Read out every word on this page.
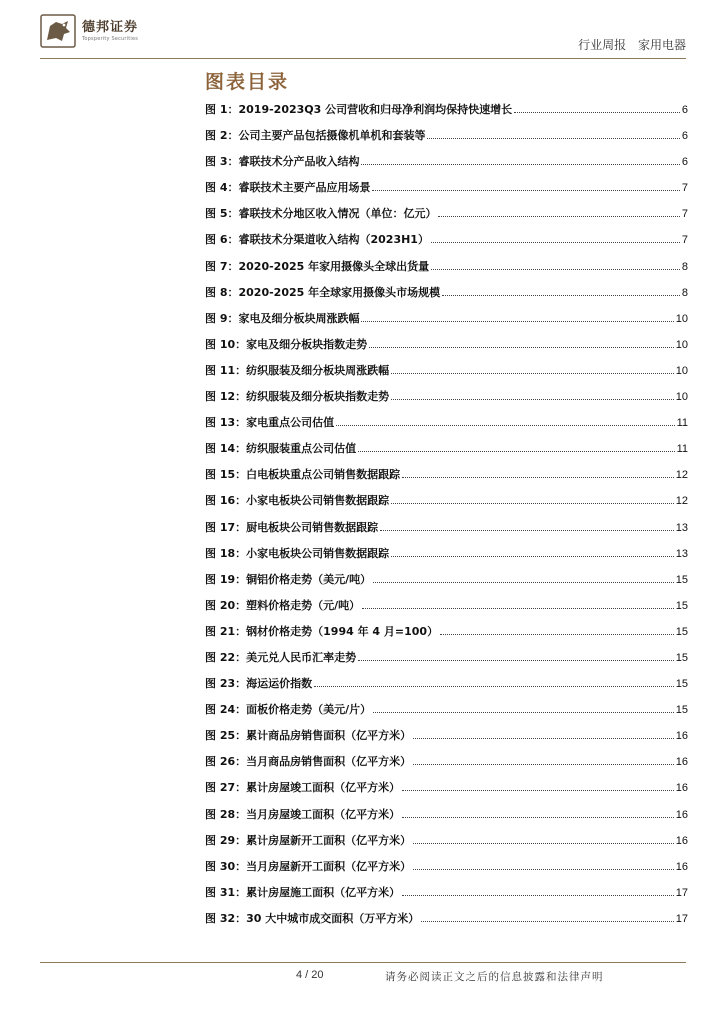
德邦证券
Topsperity Securities	行业周报 家用电器
图表目录
图 1：2019-2023Q3 公司营收和归母净利润均保持快速增长	6
图 2：公司主要产品包括摄像机单机和套装等	6
图 3：睿联技术分产品收入结构	6
图 4：睿联技术主要产品应用场景	7
图 5：睿联技术分地区收入情况（单位：亿元）	7
图 6：睿联技术分渠道收入结构（2023H1）	7
图 7：2020-2025 年家用摄像头全球出货量	8
图 8：2020-2025 年全球家用摄像头市场规模	8
图 9：家电及细分板块周涨跌幅	10
图 10：家电及细分板块指数走势	10
图 11：纺织服装及细分板块周涨跌幅	10
图 12：纺织服装及细分板块指数走势	10
图 13：家电重点公司估值	11
图 14：纺织服装重点公司估值	11
图 15：白电板块重点公司销售数据跟踪	12
图 16：小家电板块公司销售数据跟踪	12
图 17：厨电板块公司销售数据跟踪	13
图 18：小家电板块公司销售数据跟踪	13
图 19：铜铝价格走势（美元/吨）	15
图 20：塑料价格走势（元/吨）	15
图 21：钢材价格走势（1994 年 4 月=100）	15
图 22：美元兑人民币汇率走势	15
图 23：海运运价指数	15
图 24：面板价格走势（美元/片）	15
图 25：累计商品房销售面积（亿平方米）	16
图 26：当月商品房销售面积（亿平方米）	16
图 27：累计房屋竣工面积（亿平方米）	16
图 28：当月房屋竣工面积（亿平方米）	16
图 29：累计房屋新开工面积（亿平方米）	16
图 30：当月房屋新开工面积（亿平方米）	16
图 31：累计房屋施工面积（亿平方米）	17
图 32：30 大中城市成交面积（万平方米）	17
4 / 20	请务必阅读正文之后的信息披露和法律声明
